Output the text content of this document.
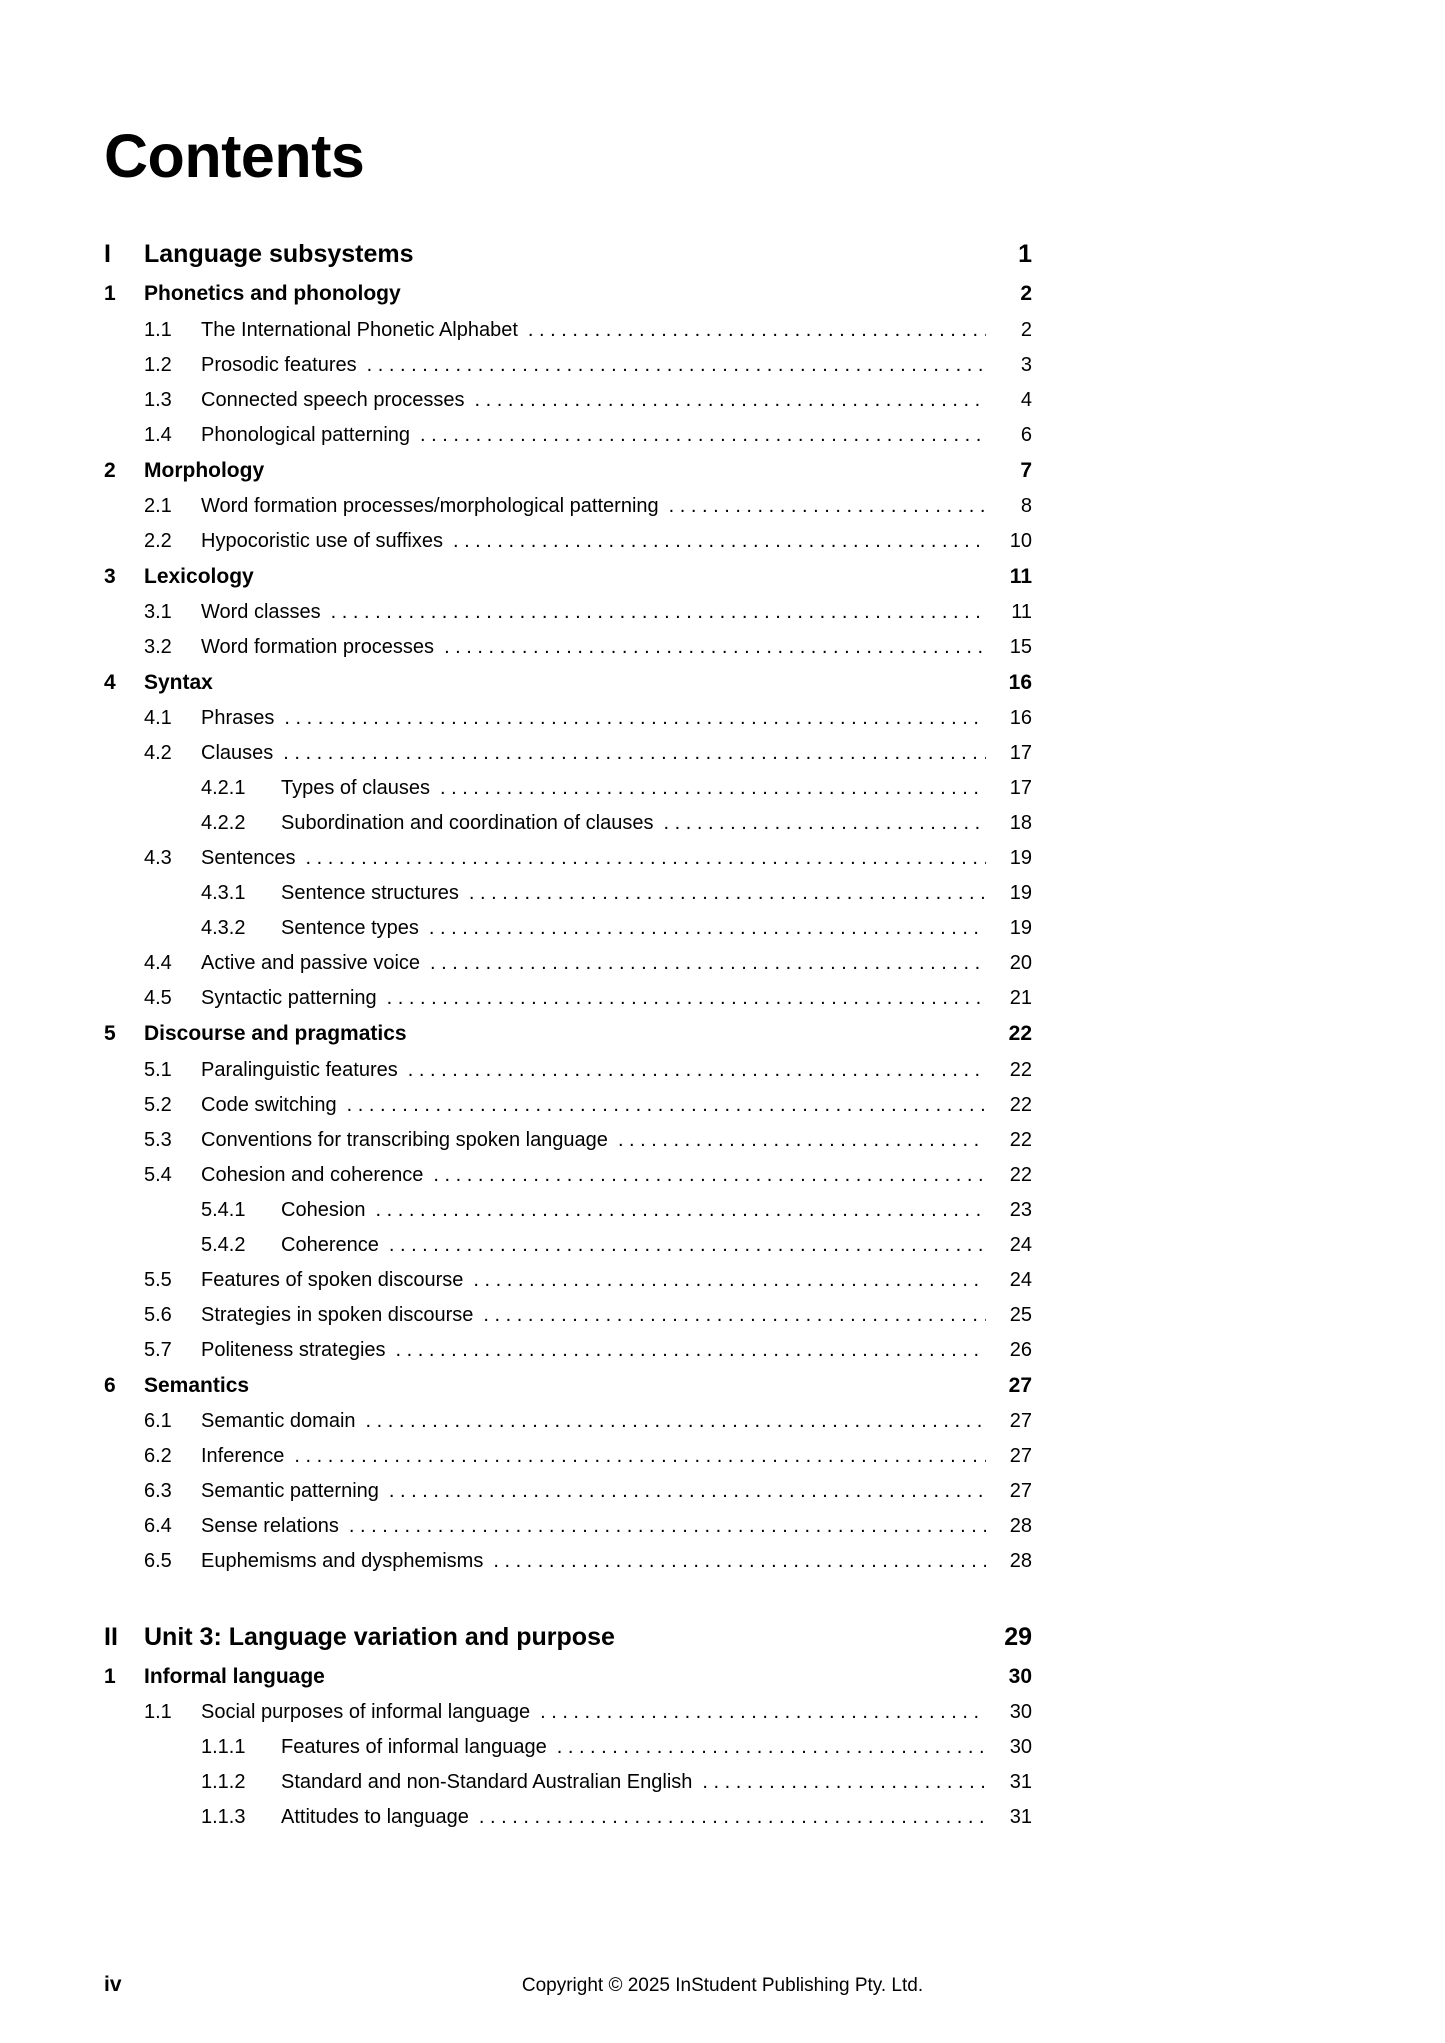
Contents
I	Language subsystems	1
1	Phonetics and phonology	2
1.1	The International Phonetic Alphabet . . .	2
1.2	Prosodic features . . .	3
1.3	Connected speech processes . . .	4
1.4	Phonological patterning . . .	6
2	Morphology	7
2.1	Word formation processes/morphological patterning . . .	8
2.2	Hypocoristic use of suffixes . . .	10
3	Lexicology	11
3.1	Word classes . . .	11
3.2	Word formation processes . . .	15
4	Syntax	16
4.1	Phrases . . .	16
4.2	Clauses . . .	17
4.2.1	Types of clauses . . .	17
4.2.2	Subordination and coordination of clauses . . .	18
4.3	Sentences . . .	19
4.3.1	Sentence structures . . .	19
4.3.2	Sentence types . . .	19
4.4	Active and passive voice . . .	20
4.5	Syntactic patterning . . .	21
5	Discourse and pragmatics	22
5.1	Paralinguistic features . . .	22
5.2	Code switching . . .	22
5.3	Conventions for transcribing spoken language . . .	22
5.4	Cohesion and coherence . . .	22
5.4.1	Cohesion . . .	23
5.4.2	Coherence . . .	24
5.5	Features of spoken discourse . . .	24
5.6	Strategies in spoken discourse . . .	25
5.7	Politeness strategies . . .	26
6	Semantics	27
6.1	Semantic domain . . .	27
6.2	Inference . . .	27
6.3	Semantic patterning . . .	27
6.4	Sense relations . . .	28
6.5	Euphemisms and dysphemisms . . .	28
II	Unit 3: Language variation and purpose	29
1	Informal language	30
1.1	Social purposes of informal language . . .	30
1.1.1	Features of informal language . . .	30
1.1.2	Standard and non-Standard Australian English . . .	31
1.1.3	Attitudes to language . . .	31
iv	Copyright © 2025 InStudent Publishing Pty. Ltd.
